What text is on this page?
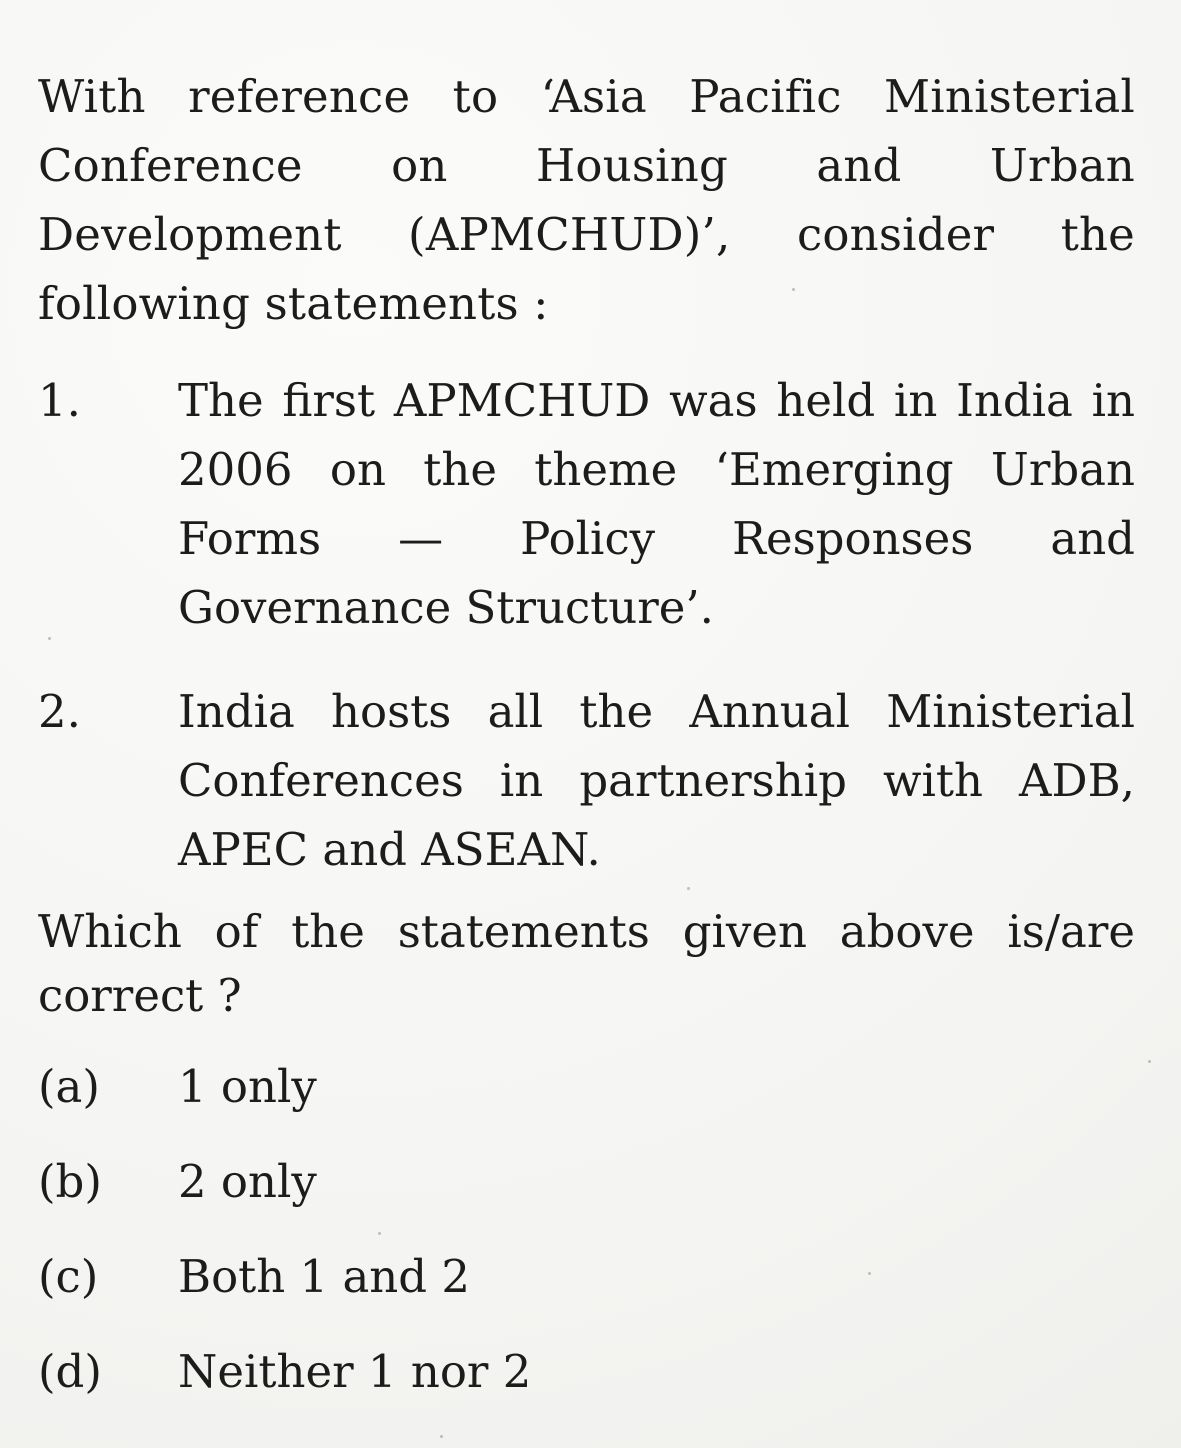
With reference to ‘Asia Pacific Ministerial Conference on Housing and Urban Development (APMCHUD)’, consider the following statements :
1.	The first APMCHUD was held in India in 2006 on the theme ‘Emerging Urban Forms — Policy Responses and Governance Structure’.
2.	India hosts all the Annual Ministerial Conferences in partnership with ADB, APEC and ASEAN.
Which of the statements given above is/are correct ?
(a)	1 only
(b)	2 only
(c)	Both 1 and 2
(d)	Neither 1 nor 2
